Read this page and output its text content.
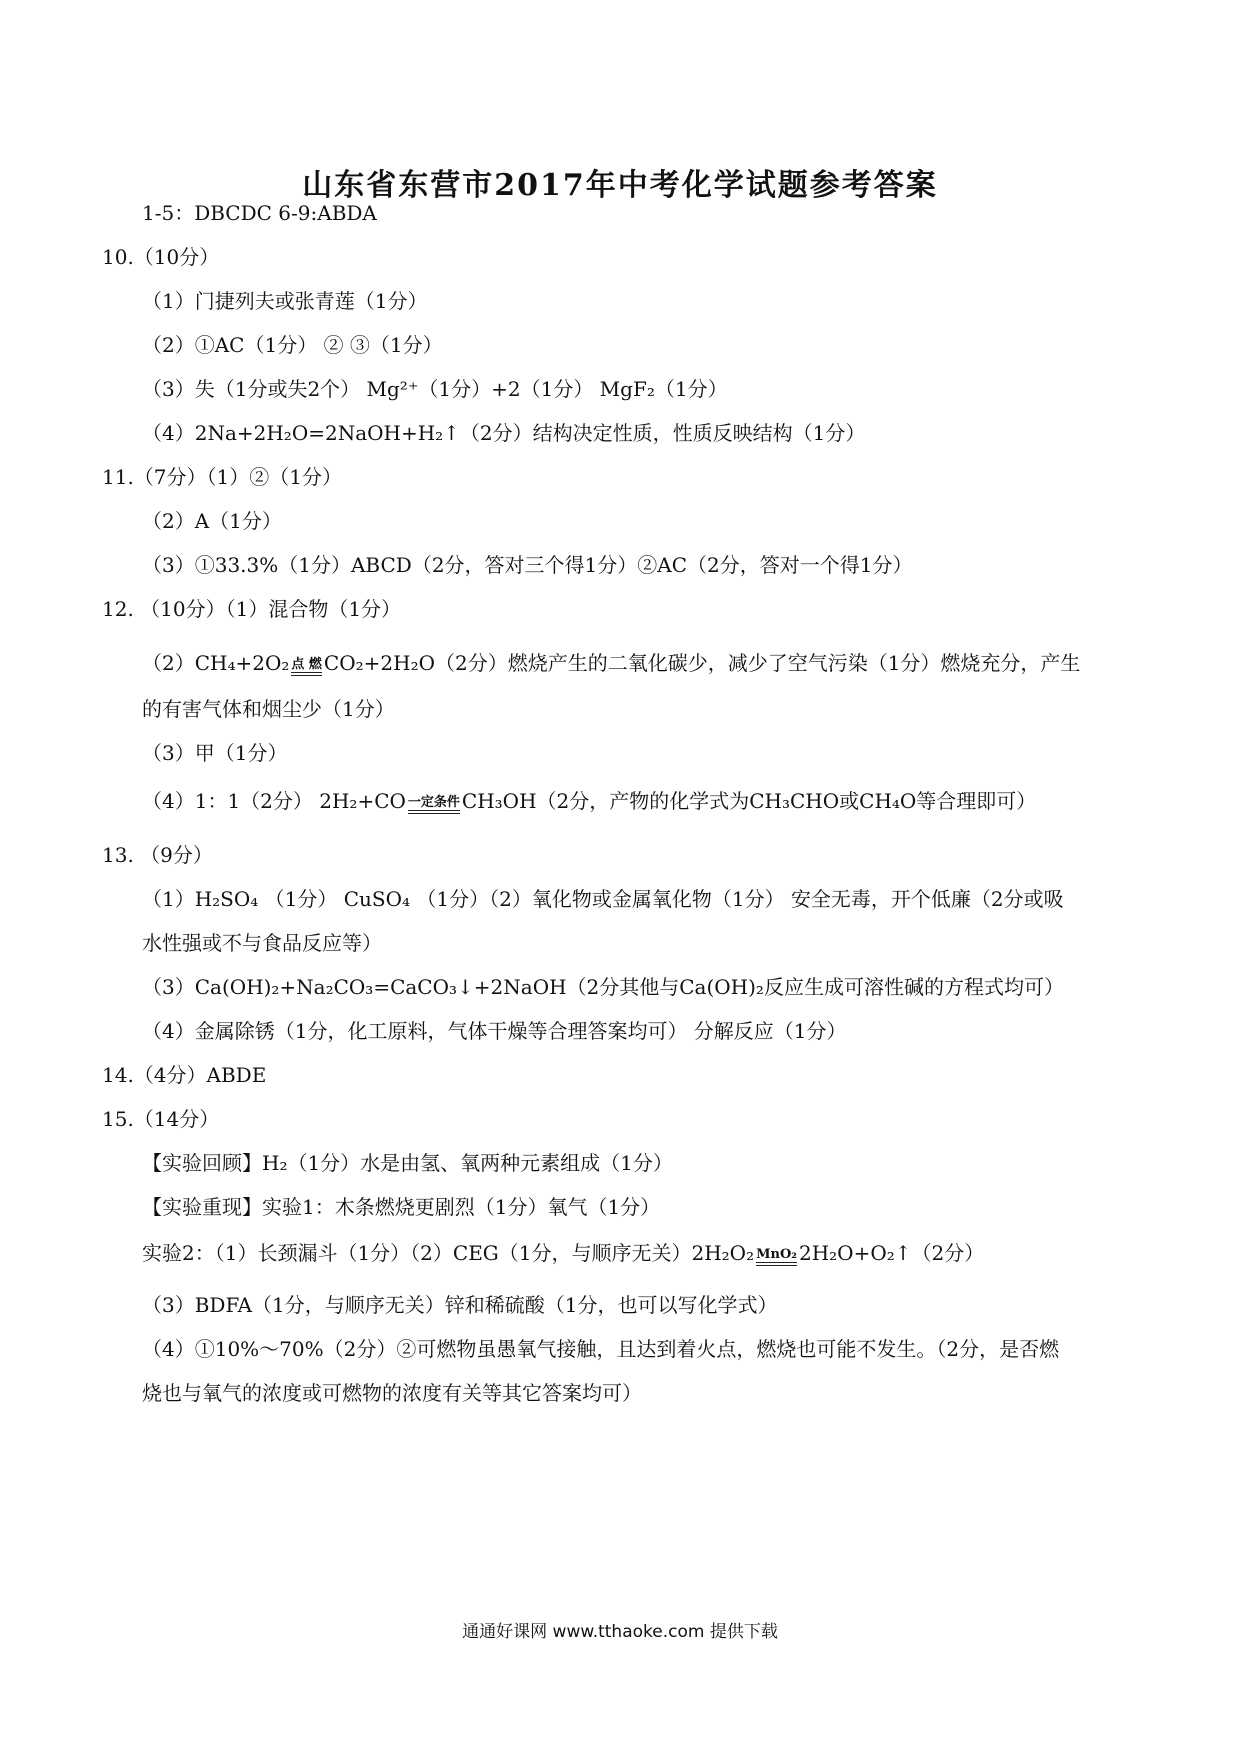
山东省东营市2017年中考化学试题参考答案
1-5：DBCDC 6-9:ABDA
10.（10分）
（1）门捷列夫或张青莲（1分）
（2）①AC（1分） ② ③（1分）
（3）失（1分或失2个） Mg²⁺（1分）+2（1分） MgF₂（1分）
（4）2Na+2H₂O=2NaOH+H₂↑（2分）结构决定性质，性质反映结构（1分）
11.（7分）（1）②（1分）
（2）A（1分）
（3）①33.3%（1分）ABCD（2分，答对三个得1分）②AC（2分，答对一个得1分）
12. （10分）（1）混合物（1分）
（2）CH₄+2O₂ 点 燃 CO₂+2H₂O（2分）燃烧产生的二氧化碳少，减少了空气污染（1分）燃烧充分，产生
的有害气体和烟尘少（1分）
（3）甲（1分）
（4）1：1（2分） 2H₂+CO 一定条件 CH₃OH（2分，产物的化学式为CH₃CHO或CH₄O等合理即可）
13. （9分）
（1）H₂SO₄ （1分） CuSO₄ （1分）（2）氧化物或金属氧化物（1分） 安全无毒，开个低廉（2分或吸
水性强或不与食品反应等）
（3）Ca(OH)₂+Na₂CO₃=CaCO₃↓+2NaOH（2分其他与Ca(OH)₂反应生成可溶性碱的方程式均可）
（4）金属除锈（1分，化工原料，气体干燥等合理答案均可） 分解反应（1分）
14.（4分）ABDE
15.（14分）
【实验回顾】H₂（1分）水是由氢、氧两种元素组成（1分）
【实验重现】实验1：木条燃烧更剧烈（1分）氧气（1分）
实验2：（1）长颈漏斗（1分）（2）CEG（1分，与顺序无关）2H₂O₂ MnO₂ 2H₂O+O₂↑（2分）
（3）BDFA（1分，与顺序无关）锌和稀硫酸（1分，也可以写化学式）
（4）①10%～70%（2分）②可燃物虽愚氧气接触，且达到着火点，燃烧也可能不发生。（2分，是否燃
烧也与氧气的浓度或可燃物的浓度有关等其它答案均可）
通通好课网 www.tthaoke.com 提供下载
